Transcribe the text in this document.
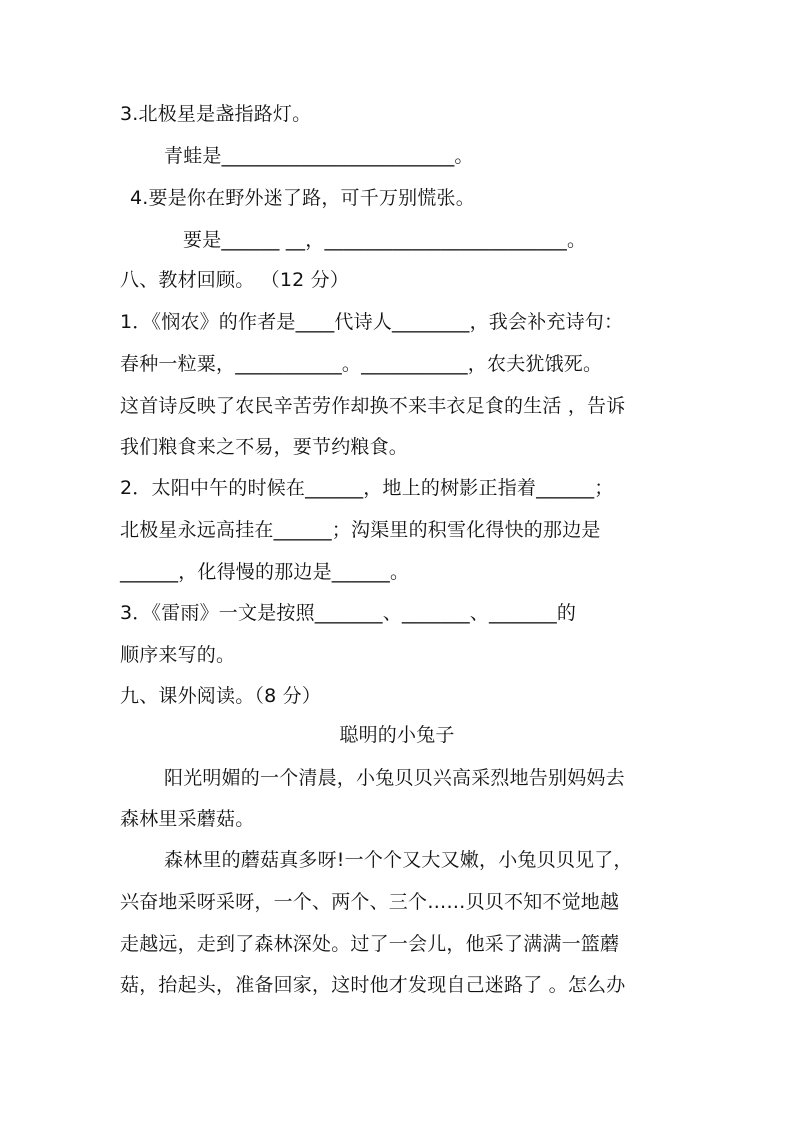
3.北极星是盏指路灯。
青蛙是________________________。
4.要是你在野外迷了路，可千万别慌张。
要是______ __，_________________________。
八、教材回顾。 （12 分）
1．《悯农》的作者是____代诗人________，我会补充诗句：
春种一粒粟，___________。___________，农夫犹饿死。
这首诗反映了农民辛苦劳作却换不来丰衣足食的生活 ，告诉
我们粮食来之不易，要节约粮食。
2．太阳中午的时候在______，地上的树影正指着______；
北极星永远高挂在______；沟渠里的积雪化得快的那边是
______，化得慢的那边是______。
3．《雷雨》一文是按照_______、_______、_______的
顺序来写的。
九、课外阅读。（8 分）
聪明的小兔子
阳光明媚的一个清晨，小兔贝贝兴高采烈地告别妈妈去
森林里采蘑菇。
森林里的蘑菇真多呀!一个个又大又嫩，小兔贝贝见了，
兴奋地采呀采呀，一个、两个、三个……贝贝不知不觉地越
走越远，走到了森林深处。过了一会儿，他采了满满一篮蘑
菇，抬起头，准备回家，这时他才发现自己迷路了 。怎么办
